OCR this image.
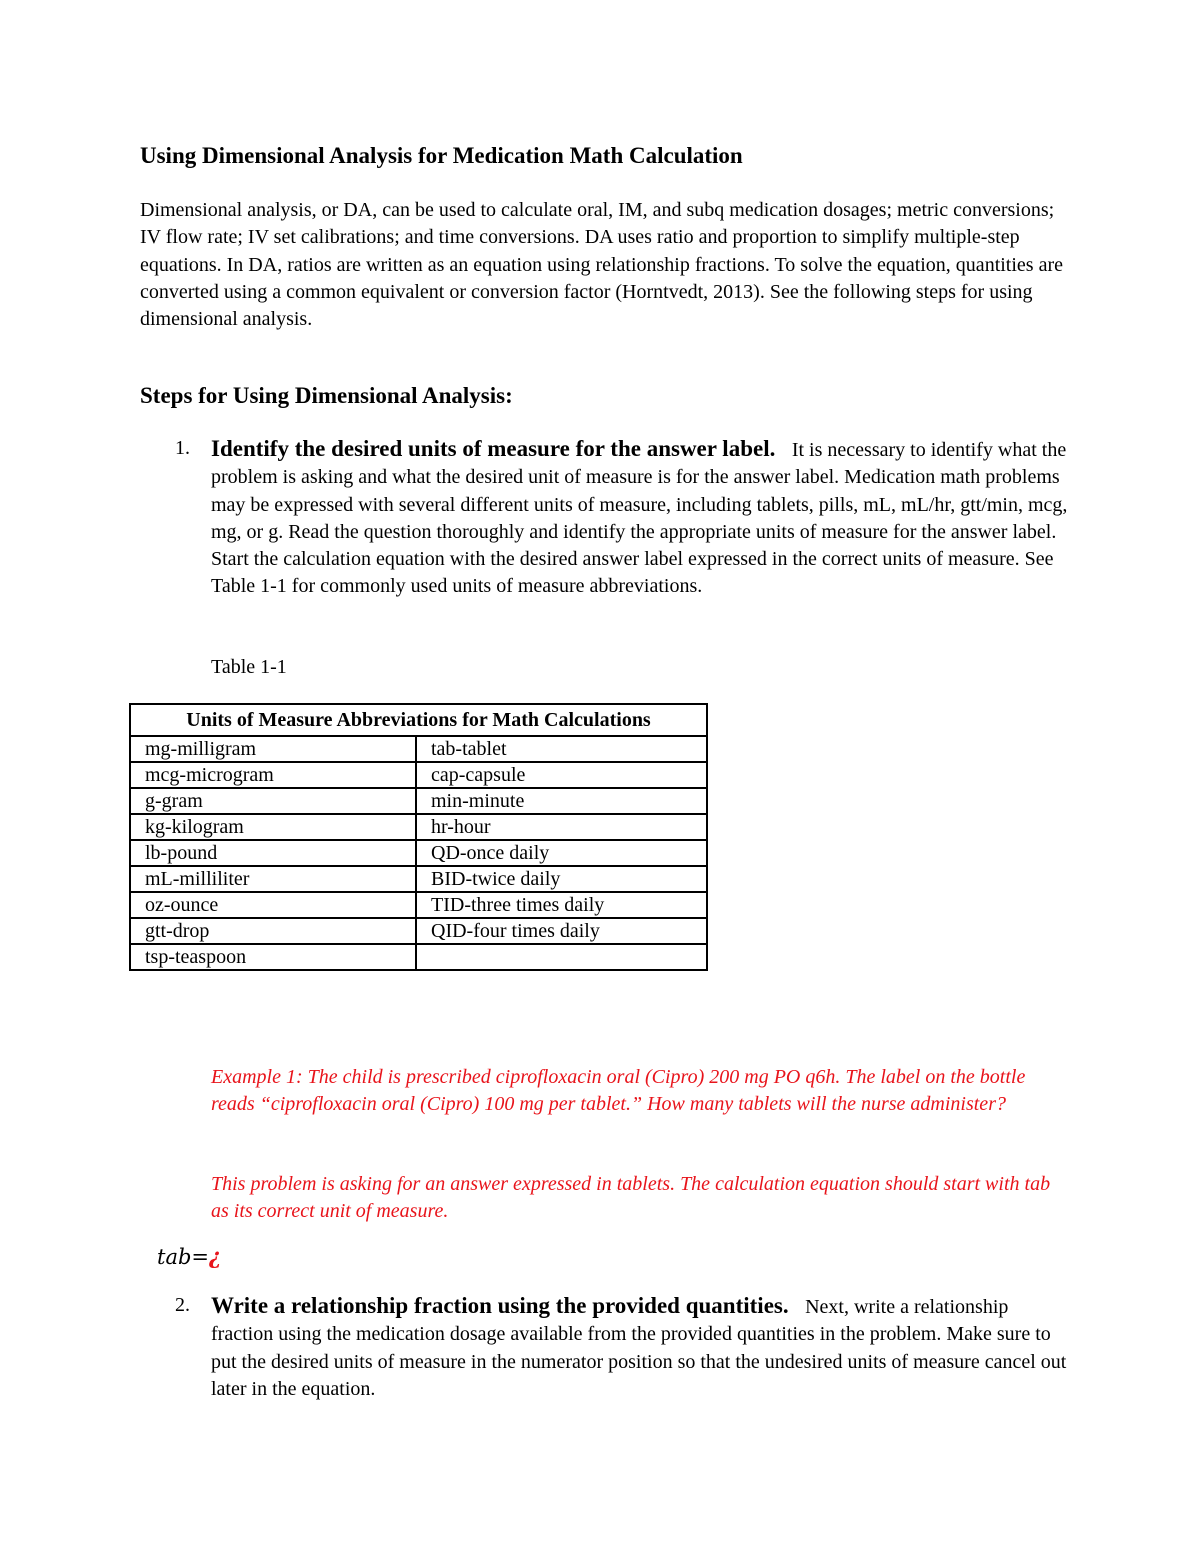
Using Dimensional Analysis for Medication Math Calculation

Dimensional analysis, or DA, can be used to calculate oral, IM, and subq medication dosages; metric conversions; IV flow rate; IV set calibrations; and time conversions. DA uses ratio and proportion to simplify multiple-step equations. In DA, ratios are written as an equation using relationship fractions. To solve the equation, quantities are converted using a common equivalent or conversion factor (Horntvedt, 2013). See the following steps for using dimensional analysis.

Steps for Using Dimensional Analysis:
1. Identify the desired units of measure for the answer label.   It is necessary to identify what the problem is asking and what the desired unit of measure is for the answer label. Medication math problems may be expressed with several different units of measure, including tablets, pills, mL, mL/hr, gtt/min, mcg, mg, or g. Read the question thoroughly and identify the appropriate units of measure for the answer label. Start the calculation equation with the desired answer label expressed in the correct units of measure. See Table 1-1 for commonly used units of measure abbreviations.

Table 1-1

Units of Measure Abbreviations for Math Calculations	
mg-milligram	tab-tablet
mcg-microgram	cap-capsule
g-gram	min-minute
kg-kilogram	hr-hour
lb-pound	QD-once daily
mL-milliliter	BID-twice daily
oz-ounce	TID-three times daily
gtt-drop	QID-four times daily
tsp-teaspoon	

Example 1: The child is prescribed ciprofloxacin oral (Cipro) 200 mg PO q6h. The label on the bottle reads “ciprofloxacin oral (Cipro) 100 mg per tablet.” How many tablets will the nurse administer?

This problem is asking for an answer expressed in tablets. The calculation equation should start with tab as its correct unit of measure.

tab=¿

2. Write a relationship fraction using the provided quantities.   Next, write a relationship fraction using the medication dosage available from the provided quantities in the problem. Make sure to put the desired units of measure in the numerator position so that the undesired units of measure cancel out later in the equation.
